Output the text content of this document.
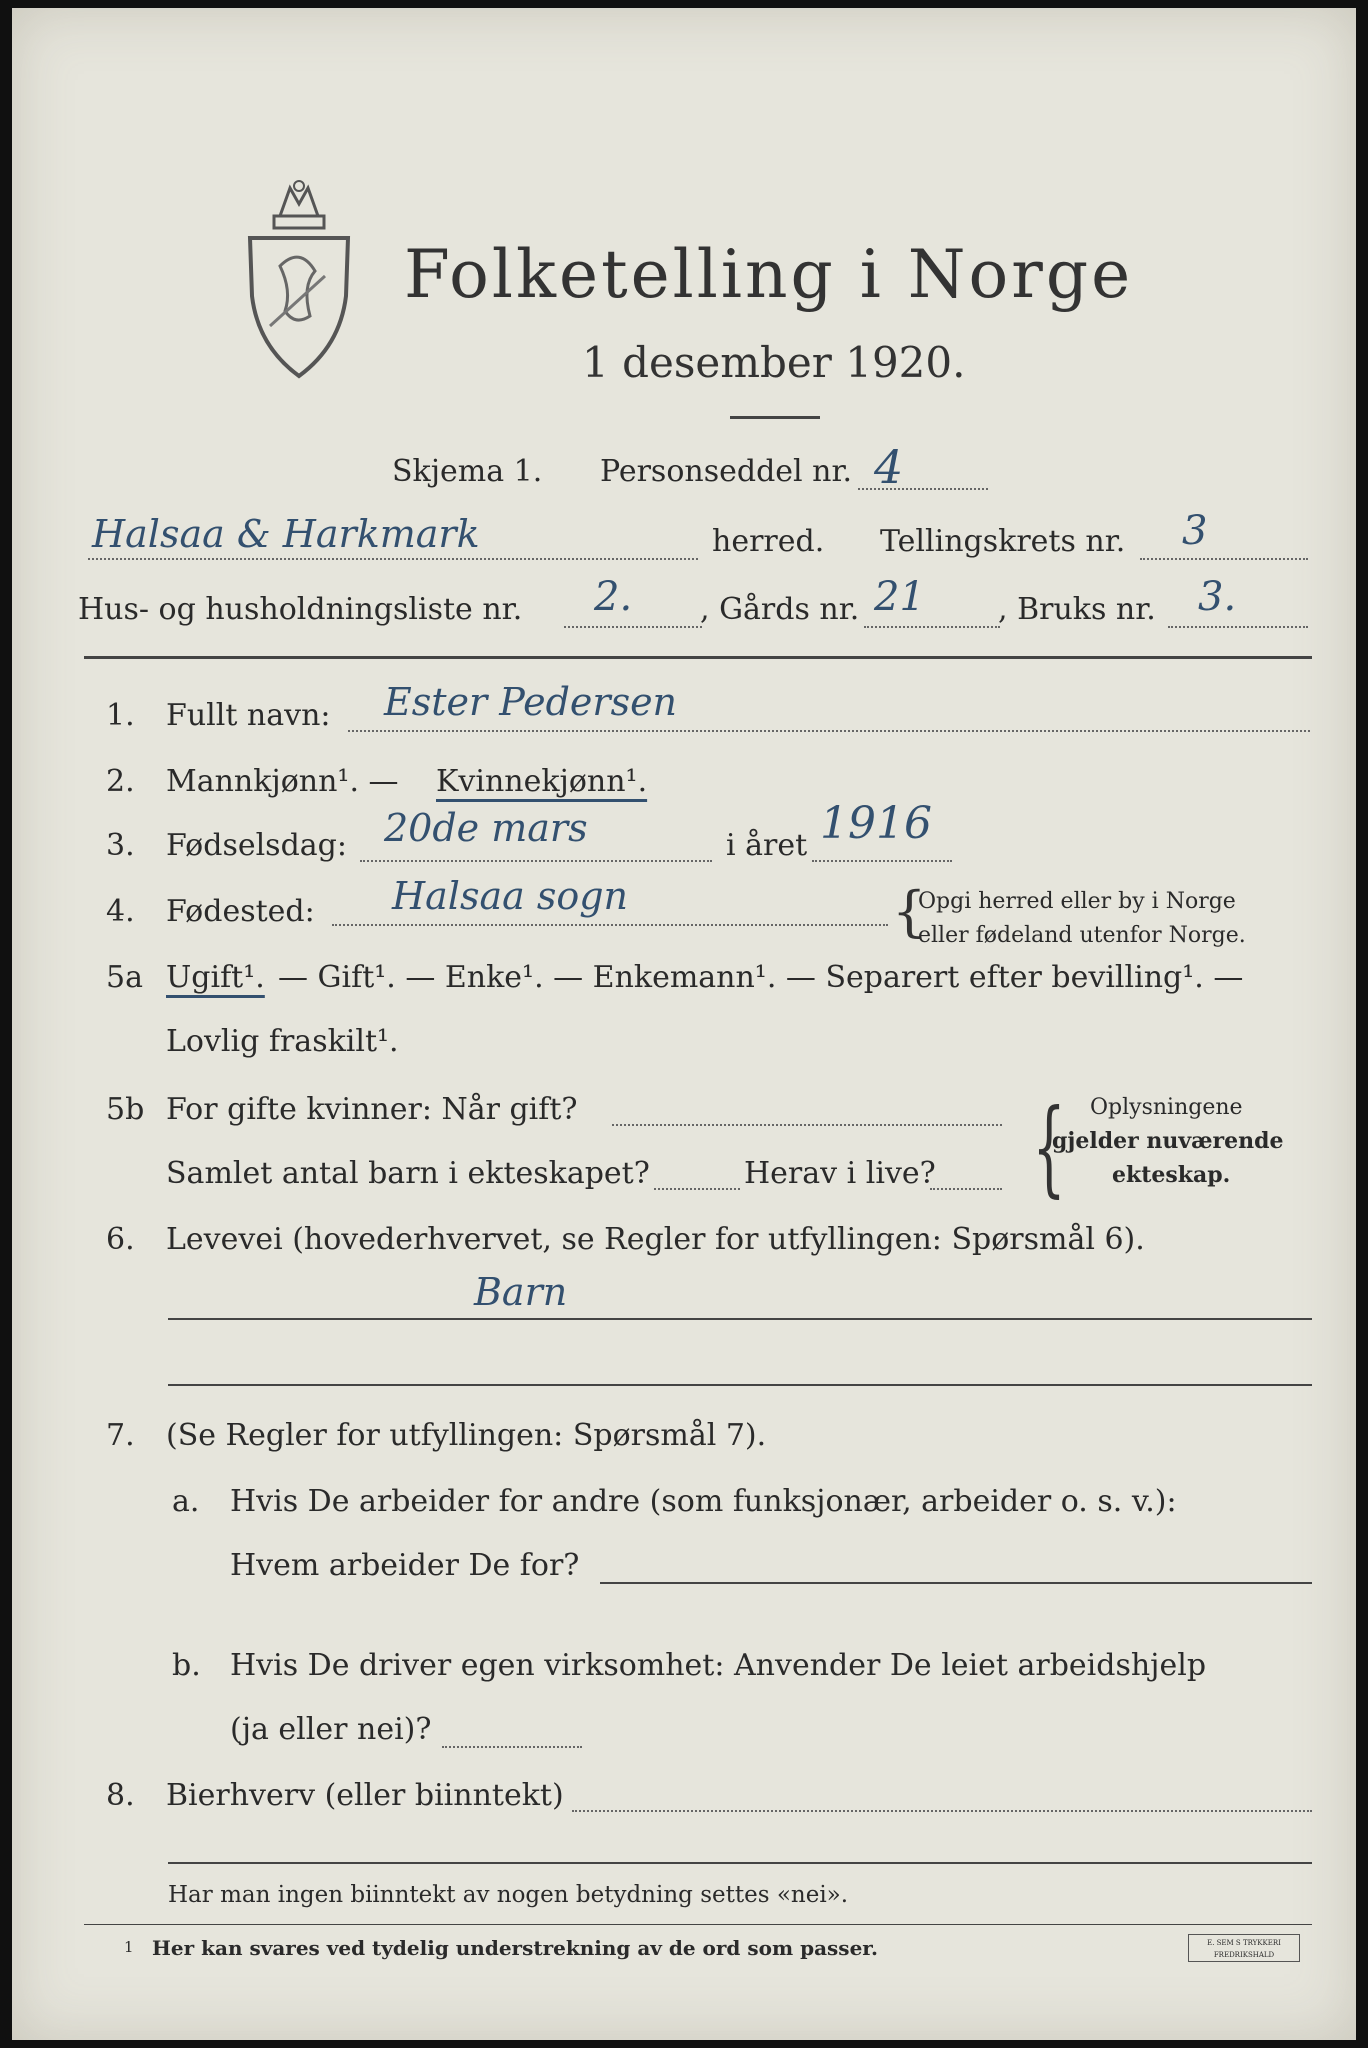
Folketelling i Norge
1 desember 1920.
Skjema 1. Personseddel nr. 4
Halsaa & Harkmark	herred. Tellingskrets nr. 3
Hus- og husholdningsliste nr. 2. , Gårds nr. 21 , Bruks nr. 3.
1. Fullt navn: Ester Pedersen
2. Mannkjønn¹. — Kvinnekjønn¹.
3. Fødselsdag: 20de mars	i året 1916
4. Fødested: Halsaa sogn	{
Opgi herred eller by i Norge
eller fødeland utenfor Norge.
5a Ugift¹. — Gift¹. — Enke¹. — Enkemann¹. — Separert efter bevilling¹. —
Lovlig fraskilt¹.
5b For gifte kvinner: Når gift?
Samlet antal barn i ekteskapet?	Herav i live? { Oplysningene
gjelder nuværende
ekteskap.
6. Levevei (hovederhvervet, se Regler for utfyllingen: Spørsmål 6).
Barn
7. (Se Regler for utfyllingen: Spørsmål 7).
a. Hvis De arbeider for andre (som funksjonær, arbeider o. s. v.):
Hvem arbeider De for?
b. Hvis De driver egen virksomhet: Anvender De leiet arbeidshjelp
(ja eller nei)?
8. Bierhverv (eller biinntekt)
Har man ingen biinntekt av nogen betydning settes «nei».
1 Her kan svares ved tydelig understrekning av de ord som passer.	E. SEM S TRYKKERI FREDRIKSHALD
